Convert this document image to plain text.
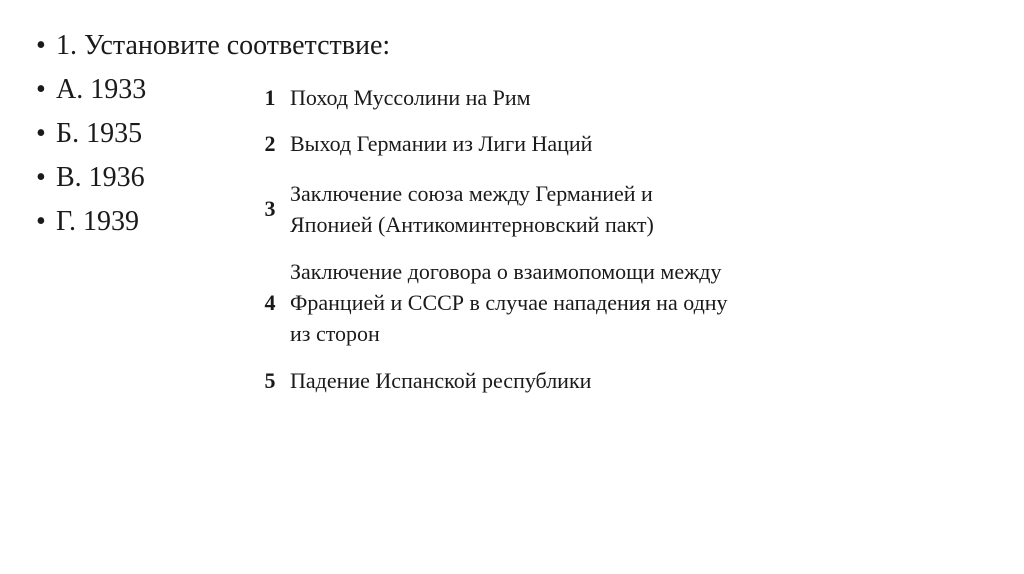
• 1. Установите соответствие:
• А. 1933
• Б. 1935
• В. 1936
• Г. 1939
1	Поход Муссолини на Рим

2	Выход Германии из Лиги Наций

3	Заключение союза между Германией и
Японией (Антикоминтерновский пакт)

4	Заключение договора о взаимопомощи между
Францией и СССР в случае нападения на одну
из сторон

5	Падение Испанской республики
